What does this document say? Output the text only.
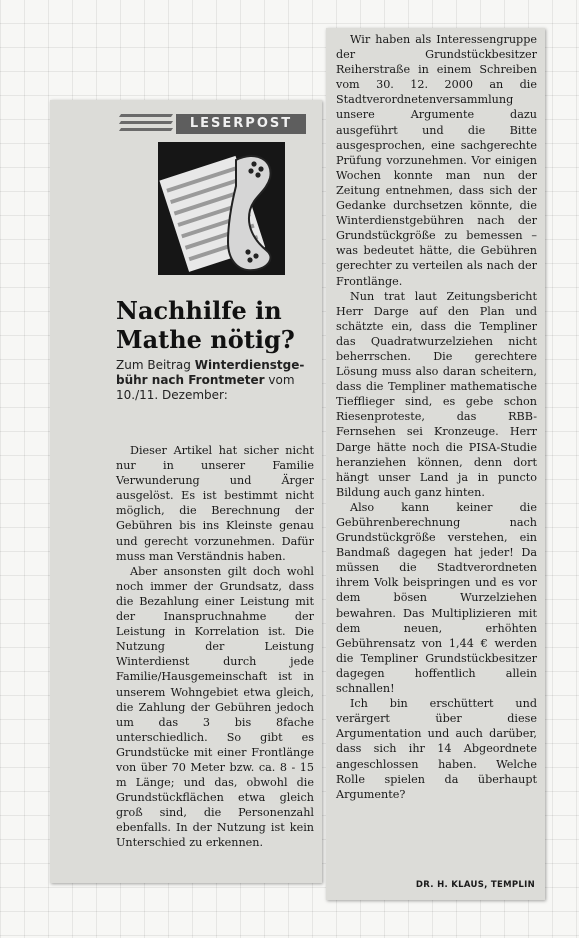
LESERPOST
Nachhilfe in
Mathe nötig?
Zum Beitrag Winterdienstge-bühr nach Frontmeter vom 10./11. Dezember:

Dieser Artikel hat sicher nicht nur in unserer Familie Verwunderung und Ärger ausgelöst. Es ist bestimmt nicht möglich, die Berechnung der Gebühren bis ins Kleinste genau und gerecht vorzunehmen. Dafür muss man Verständnis haben.

Aber ansonsten gilt doch wohl noch immer der Grundsatz, dass die Bezahlung einer Leistung mit der Inanspruchnahme der Leistung in Korrelation ist. Die Nutzung der Leistung Winterdienst durch jede Familie/Hausgemeinschaft ist in unserem Wohngebiet etwa gleich, die Zahlung der Gebühren jedoch um das 3 bis 8fache unterschiedlich. So gibt es Grundstücke mit einer Frontlänge von über 70 Meter bzw. ca. 8 - 15 m Länge; und das, obwohl die Grundstückflächen etwa gleich groß sind, die Personenzahl ebenfalls. In der Nutzung ist kein Unterschied zu erkennen.

Wir haben als Interessengruppe der Grundstückbesitzer Reiherstraße in einem Schreiben vom 30. 12. 2000 an die Stadtverordnetenversammlung unsere Argumente dazu ausgeführt und die Bitte ausgesprochen, eine sachgerechte Prüfung vorzunehmen. Vor einigen Wochen konnte man nun der Zeitung entnehmen, dass sich der Gedanke durchsetzen könnte, die Winterdienstgebühren nach der Grundstückgröße zu bemessen – was bedeutet hätte, die Gebühren gerechter zu verteilen als nach der Frontlänge.

Nun trat laut Zeitungsbericht Herr Darge auf den Plan und schätzte ein, dass die Templiner das Quadratwurzelziehen nicht beherrschen. Die gerechtere Lösung muss also daran scheitern, dass die Templiner mathematische Tiefflieger sind, es gebe schon Riesenproteste, das RBB-Fernsehen sei Kronzeuge. Herr Darge hätte noch die PISA-Studie heranziehen können, denn dort hängt unser Land ja in puncto Bildung auch ganz hinten.

Also kann keiner die Gebührenberechnung nach Grundstückgröße verstehen, ein Bandmaß dagegen hat jeder! Da müssen die Stadtverordneten ihrem Volk beispringen und es vor dem bösen Wurzelziehen bewahren. Das Multiplizieren mit dem neuen, erhöhten Gebührensatz von 1,44 € werden die Templiner Grundstückbesitzer dagegen hoffentlich allein schnallen!

Ich bin erschüttert und verärgert über diese Argumentation und auch darüber, dass sich ihr 14 Abgeordnete angeschlossen haben. Welche Rolle spielen da überhaupt Argumente?

DR. H. KLAUS, TEMPLIN
